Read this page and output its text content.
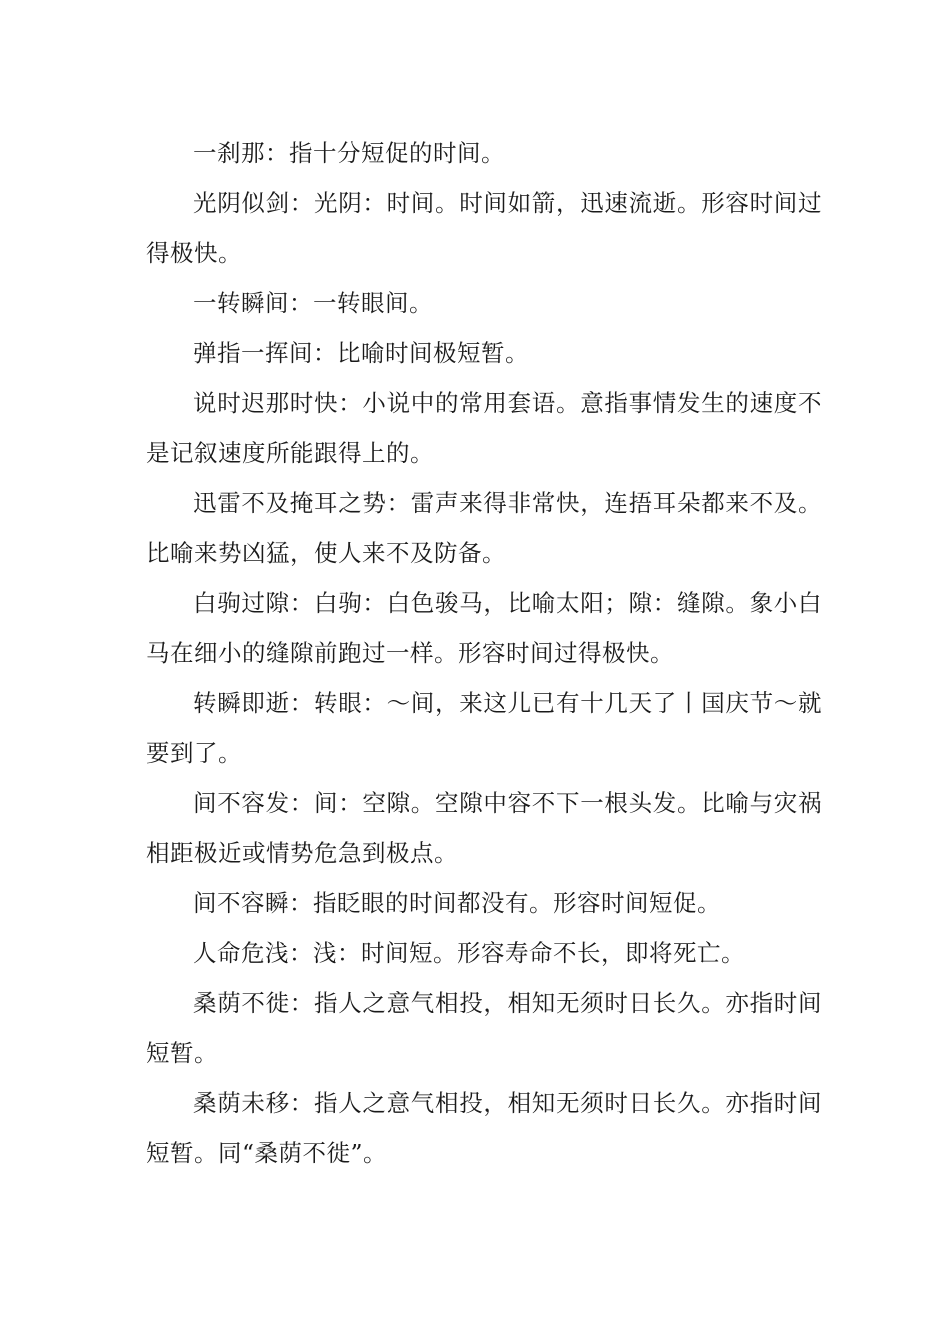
一刹那：指十分短促的时间。

光阴似剑：光阴：时间。时间如箭，迅速流逝。形容时间过得极快。

一转瞬间：一转眼间。

弹指一挥间：比喻时间极短暂。

说时迟那时快：小说中的常用套语。意指事情发生的速度不是记叙速度所能跟得上的。

迅雷不及掩耳之势：雷声来得非常快，连捂耳朵都来不及。比喻来势凶猛，使人来不及防备。

白驹过隙：白驹：白色骏马，比喻太阳；隙：缝隙。象小白马在细小的缝隙前跑过一样。形容时间过得极快。

转瞬即逝：转眼：～间，来这儿已有十几天了丨国庆节～就要到了。

间不容发：间：空隙。空隙中容不下一根头发。比喻与灾祸相距极近或情势危急到极点。

间不容瞬：指眨眼的时间都没有。形容时间短促。

人命危浅：浅：时间短。形容寿命不长，即将死亡。

桑荫不徙：指人之意气相投，相知无须时日长久。亦指时间短暂。

桑荫未移：指人之意气相投，相知无须时日长久。亦指时间短暂。同“桑荫不徙”。
